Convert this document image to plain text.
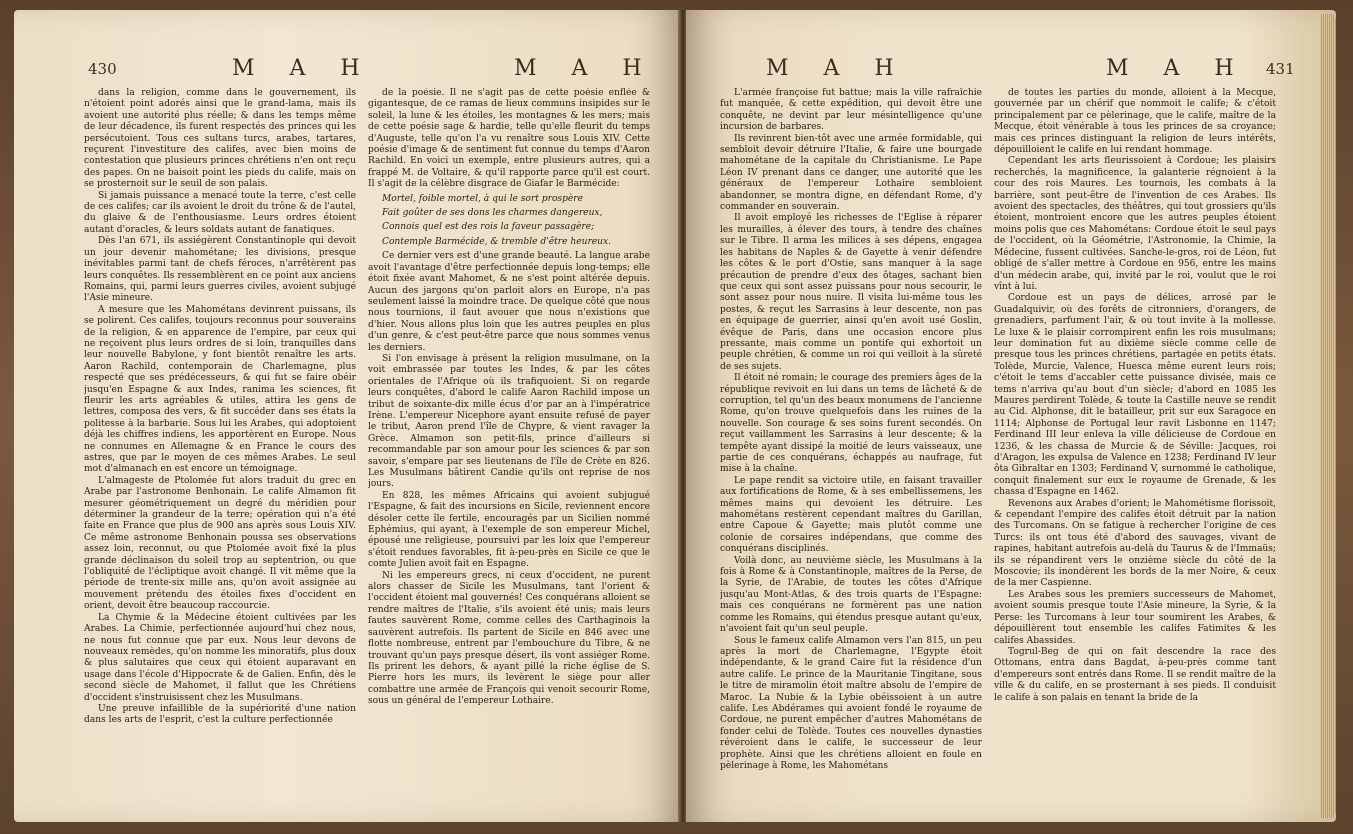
430	M A H	M A H

dans la religion, comme dans le gouvernement, ils n'étoient point adorés ainsi que le grand-lama, mais ils avoient une autorité plus réelle; & dans les temps même de leur décadence, ils furent respectés des princes qui les persécutoient. Tous ces sultans turcs, arabes, tartares, reçurent l'investiture des califes, avec bien moins de contestation que plusieurs princes chrétiens n'en ont reçu des papes. On ne baisoit point les pieds du calife, mais on se prosternoit sur le seuil de son palais.

Si jamais puissance a menacé toute la terre, c'est celle de ces califes; car ils avoient le droit du trône & de l'autel, du glaive & de l'enthousiasme. Leurs ordres étoient autant d'oracles, & leurs soldats autant de fanatiques.

Dès l'an 671, ils assiégèrent Constantinople qui devoit un jour devenir mahométane; les divisions, presque inévitables parmi tant de chefs féroces, n'arrêtèrent pas leurs conquêtes. Ils ressemblèrent en ce point aux anciens Romains, qui, parmi leurs guerres civiles, avoient subjugé l'Asie mineure.

A mesure que les Mahométans devinrent puissans, ils se polirent. Ces califes, toujours reconnus pour souverains de la religion, & en apparence de l'empire, par ceux qui ne reçoivent plus leurs ordres de si loin, tranquilles dans leur nouvelle Babylone, y font bientôt renaître les arts. Aaron Rachild, contemporain de Charlemagne, plus respecté que ses prédécesseurs, & qui fut se faire obéir jusqu'en Espagne & aux Indes, ranima les sciences, fit fleurir les arts agréables & utiles, attira les gens de lettres, composa des vers, & fit succéder dans ses états la politesse à la barbarie. Sous lui les Arabes, qui adoptoient déjà les chiffres indiens, les apportèrent en Europe. Nous ne connumes en Allemagne & en France le cours des astres, que par le moyen de ces mêmes Arabes. Le seul mot d'almanach en est encore un témoignage.

L'almageste de Ptolomée fut alors traduit du grec en Arabe par l'astronome Benhonain. Le calife Almamon fit mesurer géométriquement un degré du méridien pour déterminer la grandeur de la terre; opération qui n'a été faite en France que plus de 900 ans après sous Louis XIV. Ce même astronome Benhonain poussa ses observations assez loin, reconnut, ou que Ptolomée avoit fixé la plus grande déclinaison du soleil trop au septentrion, ou que l'obliquité de l'écliptique avoit changé. Il vit même que la période de trente-six mille ans, qu'on avoit assignée au mouvement prétendu des étoiles fixes d'occident en orient, devoit être beaucoup raccourcie.

La Chymie & la Médecine étoient cultivées par les Arabes. La Chimie, perfectionnée aujourd'hui chez nous, ne nous fut connue que par eux. Nous leur devons de nouveaux remèdes, qu'on nomme les minoratifs, plus doux & plus salutaires que ceux qui étoient auparavant en usage dans l'école d'Hippocrate & de Galien. Enfin, dès le second siècle de Mahomet, il fallut que les Chrétiens d'occident s'instruisissent chez les Musulmans.

Une preuve infaillible de la supériorité d'une nation dans les arts de l'esprit, c'est la culture perfectionnée

de la poésie. Il ne s'agit pas de cette poésie enflée & gigantesque, de ce ramas de lieux communs insipides sur le soleil, la lune & les étoiles, les montagnes & les mers; mais de cette poésie sage & hardie, telle qu'elle fleurit du temps d'Auguste, telle qu'on l'a vu renaître sous Louis XIV. Cette poésie d'image & de sentiment fut connue du temps d'Aaron Rachild. En voici un exemple, entre plusieurs autres, qui a frappé M. de Voltaire, & qu'il rapporte parce qu'il est court. Il s'agit de la célèbre disgrace de Giafar le Barmécide:

Mortel, foible mortel, à qui le sort prospère

Fait goûter de ses dons les charmes dangereux,

Connois quel est des rois la faveur passagère;

Contemple Barmécide, & tremble d'être heureux.

Ce dernier vers est d'une grande beauté. La langue arabe avoit l'avantage d'être perfectionnée depuis long-temps; elle étoit fixée avant Mahomet, & ne s'est point altérée depuis. Aucun des jargons qu'on parloit alors en Europe, n'a pas seulement laissé la moindre trace. De quelque côté que nous nous tournions, il faut avouer que nous n'existions que d'hier. Nous allons plus loin que les autres peuples en plus d'un genre, & c'est peut-être parce que nous sommes venus les derniers.

Si l'on envisage à présent la religion musulmane, on la voit embrassée par toutes les Indes, & par les côtes orientales de l'Afrique où ils trafiquoient. Si on regarde leurs conquêtes, d'abord le calife Aaron Rachild impose un tribut de soixante-dix mille écus d'or par an à l'impératrice Irène. L'empereur Nicephore ayant ensuite refusé de payer le tribut, Aaron prend l'île de Chypre, & vient ravager la Grèce. Almamon son petit-fils, prince d'ailleurs si recommandable par son amour pour les sciences & par son savoir, s'empare par ses lieutenans de l'île de Crète en 826. Les Musulmans bâtirent Candie qu'ils ont reprise de nos jours.

En 828, les mêmes Africains qui avoient subjugué l'Espagne, & fait des incursions en Sicile, reviennent encore désoler cette île fertile, encouragés par un Sicilien nommé Ephémius, qui ayant, à l'exemple de son empereur Michel, épousé une religieuse, poursuivi par les loix que l'empereur s'étoit rendues favorables, fit à-peu-près en Sicile ce que le comte Julien avoit fait en Espagne.

Ni les empereurs grecs, ni ceux d'occident, ne purent alors chasser de Sicile les Musulmans, tant l'orient & l'occident étoient mal gouvernés! Ces conquérans alloient se rendre maîtres de l'Italie, s'ils avoient été unis; mais leurs fautes sauvèrent Rome, comme celles des Carthaginois la sauvèrent autrefois. Ils partent de Sicile en 846 avec une flotte nombreuse, entrent par l'embouchure du Tibre, & ne trouvant qu'un pays presque désert, ils vont assiéger Rome. Ils prirent les dehors, & ayant pillé la riche église de S. Pierre hors les murs, ils levèrent le siège pour aller combattre une armée de François qui venoit secourir Rome, sous un général de l'empereur Lothaire.

M A H	M A H 431

L'armée françoise fut battue; mais la ville rafraîchie fut manquée, & cette expédition, qui devoit être une conquête, ne devint par leur mésintelligence qu'une incursion de barbares.

Ils revinrent bien-tôt avec une armée formidable, qui sembloit devoir détruire l'Italie, & faire une bourgade mahométane de la capitale du Christianisme. Le Pape Léon IV prenant dans ce danger, une autorité que les généraux de l'empereur Lothaire sembloient abandonner, se montra digne, en défendant Rome, d'y commander en souverain.

Il avoit employé les richesses de l'Eglise à réparer les murailles, à élever des tours, à tendre des chaînes sur le Tibre. Il arma les milices à ses dépens, engagea les habitans de Naples & de Gayette à venir défendre les côtes & le port d'Ostie, sans manquer à la sage précaution de prendre d'eux des ôtages, sachant bien que ceux qui sont assez puissans pour nous secourir, le sont assez pour nous nuire. Il visita lui-même tous les postes, & reçut les Sarrasins à leur descente, non pas en équipage de guerrier, ainsi qu'en avoit usé Goslin, évêque de Paris, dans une occasion encore plus pressante, mais comme un pontife qui exhortoit un peuple chrétien, & comme un roi qui veilloit à la sûreté de ses sujets.

Il étoit né romain; le courage des premiers âges de la république revivoit en lui dans un tems de lâcheté & de corruption, tel qu'un des beaux monumens de l'ancienne Rome, qu'on trouve quelquefois dans les ruines de la nouvelle. Son courage & ses soins furent secondés. On reçut vaillamment les Sarrasins à leur descente; & la tempête ayant dissipé la moitié de leurs vaisseaux, une partie de ces conquérans, échappés au naufrage, fut mise à la chaîne.

Le pape rendit sa victoire utile, en faisant travailler aux fortifications de Rome, & à ses embellissemens, les mêmes mains qui devoient les détruire. Les mahométans restèrent cependant maîtres du Garillan, entre Capoue & Gayette; mais plutôt comme une colonie de corsaires indépendans, que comme des conquérans disciplinés.

Voilà donc, au neuvième siècle, les Musulmans à la fois à Rome & à Constantinople, maîtres de la Perse, de la Syrie, de l'Arabie, de toutes les côtes d'Afrique jusqu'au Mont-Atlas, & des trois quarts de l'Espagne: mais ces conquérans ne formèrent pas une nation comme les Romains, qui étendus presque autant qu'eux, n'avoient fait qu'un seul peuple.

Sous le fameux calife Almamon vers l'an 815, un peu après la mort de Charlemagne, l'Egypte étoit indépendante, & le grand Caire fut la résidence d'un autre calife. Le prince de la Mauritanie Tingitane, sous le titre de miramolin étoit maître absolu de l'empire de Maroc. La Nubie & la Lybie obéissoient à un autre calife. Les Abdérames qui avoient fondé le royaume de Cordoue, ne purent empêcher d'autres Mahométans de fonder celui de Tolède. Toutes ces nouvelles dynasties révéroient dans le calife, le successeur de leur prophète. Ainsi que les chrétiens alloient en foule en pèlerinage à Rome, les Mahométans

de toutes les parties du monde, alloient à la Mecque, gouvernée par un chérif que nommoit le calife; & c'étoit principalement par ce pèlerinage, que le calife, maître de la Mecque, étoit vénérable à tous les princes de sa croyance; mais ces princes distinguant la religion de leurs intérêts, dépouilloient le calife en lui rendant hommage.

Cependant les arts fleurissoient à Cordoue; les plaisirs recherchés, la magnificence, la galanterie régnoient à la cour des rois Maures. Les tournois, les combats à la barrière, sont peut-être de l'invention de ces Arabes. Ils avoient des spectacles, des théâtres, qui tout grossiers qu'ils étoient, montroient encore que les autres peuples étoient moins polis que ces Mahométans: Cordoue étoit le seul pays de l'occident, où la Géométrie, l'Astronomie, la Chimie, la Médecine, fussent cultivées. Sanche-le-gros, roi de Léon, fut obligé de s'aller mettre à Cordoue en 956, entre les mains d'un médecin arabe, qui, invité par le roi, voulut que le roi vînt à lui.

Cordoue est un pays de délices, arrosé par le Guadalquivir, où des forêts de citronniers, d'orangers, de grenadiers, parfument l'air, & où tout invite à la mollesse. Le luxe & le plaisir corrompirent enfin les rois musulmans; leur domination fut au dixième siècle comme celle de presque tous les princes chrétiens, partagée en petits états. Tolède, Murcie, Valence, Huesca même eurent leurs rois; c'étoit le tems d'accabler cette puissance divisée, mais ce tems n'arriva qu'au bout d'un siècle; d'abord en 1085 les Maures perdirent Tolède, & toute la Castille neuve se rendit au Cid. Alphonse, dit le batailleur, prit sur eux Saragoce en 1114; Alphonse de Portugal leur ravit Lisbonne en 1147; Ferdinand III leur enleva la ville délicieuse de Cordoue en 1236, & les chassa de Murcie & de Séville: Jacques, roi d'Aragon, les expulsa de Valence en 1238; Ferdinand IV leur ôta Gibraltar en 1303; Ferdinand V, surnommé le catholique, conquit finalement sur eux le royaume de Grenade, & les chassa d'Espagne en 1462.

Revenons aux Arabes d'orient; le Mahométisme florissoit, & cependant l'empire des califes étoit détruit par la nation des Turcomans. On se fatigue à rechercher l'origine de ces Turcs: ils ont tous été d'abord des sauvages, vivant de rapines, habitant autrefois au-delà du Taurus & de l'Immaüs; ils se répandirent vers le onzième siècle du côté de la Moscovie; ils inondèrent les bords de la mer Noire, & ceux de la mer Caspienne.

Les Arabes sous les premiers successeurs de Mahomet, avoient soumis presque toute l'Asie mineure, la Syrie, & la Perse: les Turcomans à leur tour soumirent les Arabes, & dépouillèrent tout ensemble les califes Fatimites & les califes Abassides.

Togrul-Beg de qui on fait descendre la race des Ottomans, entra dans Bagdat, à-peu-près comme tant d'empereurs sont entrés dans Rome. Il se rendit maître de la ville & du calife, en se prosternant à ses pieds. Il conduisit le calife à son palais en tenant la bride de la
